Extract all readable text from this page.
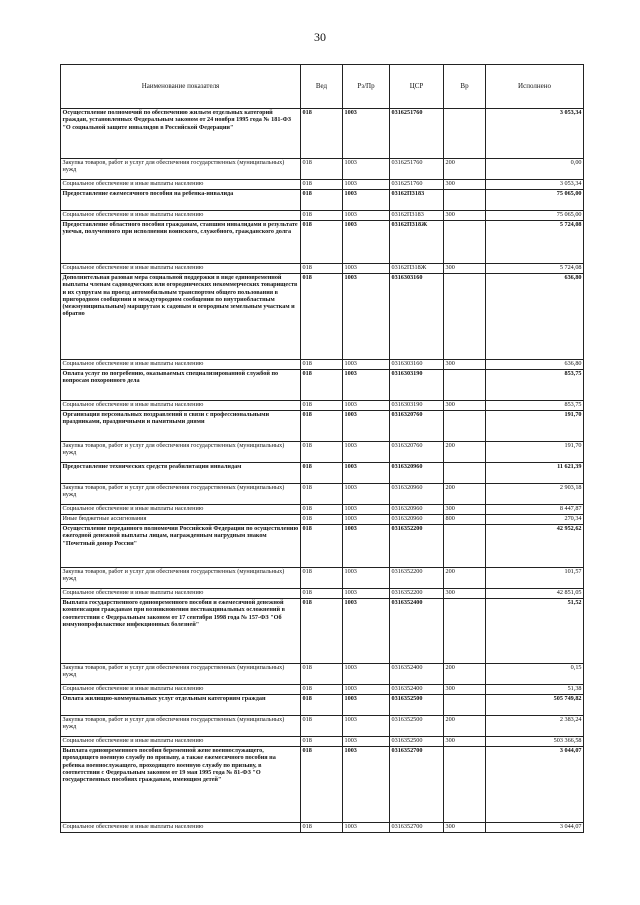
30
Наименование показателя	Вед	Рз/Пр	ЦСР	Вр	Исполнено
Осуществление полномочий по обеспечению жильем отдельных категорий граждан, установленных Федеральным законом от 24 ноября 1995 года № 181-ФЗ "О социальной защите инвалидов в Российской Федерации"	018	1003	0316251760		3 053,34
Закупка товаров, работ и услуг для обеспечения государственных (муниципальных) нужд	018	1003	0316251760	200	0,00
Социальное обеспечение и иные выплаты населению	018	1003	0316251760	300	3 053,34
Предоставление ежемесячного пособия на ребенка-инвалида	018	1003	03162П3183		75 065,00
Социальное обеспечение и иные выплаты населению	018	1003	03162П3183	300	75 065,00
Предоставление областного пособия гражданам, ставшим инвалидами в результате увечья, полученного при исполнении воинского, служебного, гражданского долга	018	1003	03162П318Ж		5 724,08
Социальное обеспечение и иные выплаты населению	018	1003	03162П318Ж	300	5 724,08
Дополнительная разовая мера социальной поддержки в виде единовременной выплаты членам садоводческих или огороднических некоммерческих товариществ и их супругам на проезд автомобильным транспортом общего пользования в пригородном сообщении и междугородном сообщении по внутриобластным (межмуниципальным) маршрутам к садовым и огородным земельным участкам и обратно	018	1003	0316303160		636,80
Социальное обеспечение и иные выплаты населению	018	1003	0316303160	300	636,80
Оплата услуг по погребению, оказываемых специализированной службой по вопросам похоронного дела	018	1003	0316303190		853,75
Социальное обеспечение и иные выплаты населению	018	1003	0316303190	300	853,75
Организация персональных поздравлений в связи с профессиональными праздниками, праздничными и памятными днями	018	1003	0316320760		191,70
Закупка товаров, работ и услуг для обеспечения государственных (муниципальных) нужд	018	1003	0316320760	200	191,70
Предоставление технических средств реабилитации инвалидам	018	1003	0316320960		11 621,39
Закупка товаров, работ и услуг для обеспечения государственных (муниципальных) нужд	018	1003	0316320960	200	2 903,18
Социальное обеспечение и иные выплаты населению	018	1003	0316320960	300	8 447,87
Иные бюджетные ассигнования	018	1003	0316320960	800	270,34
Осуществление переданного полномочия Российской Федерации по осуществлению ежегодной денежной выплаты лицам, награжденным нагрудным знаком "Почетный донор России"	018	1003	0316352200		42 952,62
Закупка товаров, работ и услуг для обеспечения государственных (муниципальных) нужд	018	1003	0316352200	200	101,57
Социальное обеспечение и иные выплаты населению	018	1003	0316352200	300	42 851,05
Выплата государственного единовременного пособия и ежемесячной денежной компенсации гражданам при возникновении поствакцинальных осложнений в соответствии с Федеральным законом от 17 сентября 1998 года № 157-ФЗ "Об иммунопрофилактике инфекционных болезней"	018	1003	0316352400		51,52
Закупка товаров, работ и услуг для обеспечения государственных (муниципальных) нужд	018	1003	0316352400	200	0,15
Социальное обеспечение и иные выплаты населению	018	1003	0316352400	300	51,38
Оплата жилищно-коммунальных услуг отдельным категориям граждан	018	1003	0316352500		505 749,82
Закупка товаров, работ и услуг для обеспечения государственных (муниципальных) нужд	018	1003	0316352500	200	2 383,24
Социальное обеспечение и иные выплаты населению	018	1003	0316352500	300	503 366,58
Выплата единовременного пособия беременной жене военнослужащего, проходящего военную службу по призыву, а также ежемесячного пособия на ребенка военнослужащего, проходящего военную службу по призыву, в соответствии с Федеральным законом от 19 мая 1995 года № 81-ФЗ "О государственных пособиях гражданам, имеющим детей"	018	1003	0316352700		3 044,07
Социальное обеспечение и иные выплаты населению	018	1003	0316352700	300	3 044,07
